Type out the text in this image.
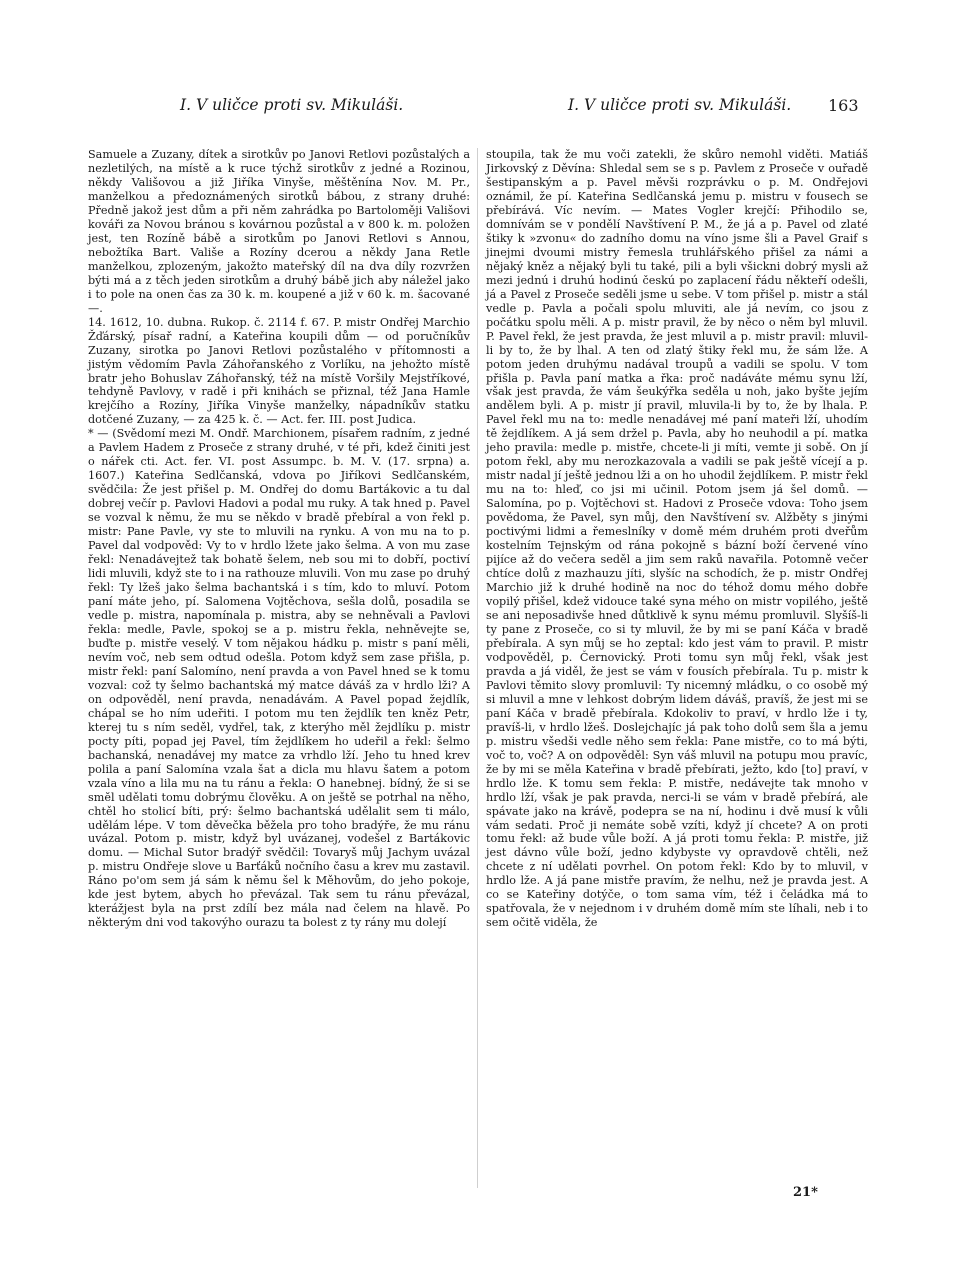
I. V uličce proti sv. Mikuláši.	I. V uličce proti sv. Mikuláši. 163

Samuele a Zuzany, dítek a sirotkův po Janovi Retlovi pozůstalých a nezletilých, na místě a k ruce týchž sirotkův z jedné a Rozinou, někdy Vališovou a již Jiříka Vinyše, měštěnína Nov. M. Pr., manželkou a předoznámených sirotků bábou, z strany druhé: Předně jakož jest dům a při něm zahrádka po Bartoloměji Vališovi kováři za Novou bránou s kovárnou pozůstal a v 800 k. m. položen jest, ten Rozíně bábě a sirotkům po Janovi Retlovi s Annou, nebožtíka Bart. Vališe a Rozíny dcerou a někdy Jana Retle manželkou, zplozeným, jakožto mateřský díl na dva díly rozvržen býti má a z těch jeden sirotkům a druhý bábě jich aby náležel jako i to pole na onen čas za 30 k. m. koupené a již v 60 k. m. šacované —.

14. 1612, 10. dubna. Rukop. č. 2114 f. 67. P. mistr Ondřej Marchio Žďárský, písař radní, a Kateřina koupili dům — od poručníkův Zuzany, sirotka po Janovi Retlovi pozůstalého v přítomnosti a jistým vědomím Pavla Záhořanského z Vorlíku, na jehožto místě bratr jeho Bohuslav Záhořanský, též na místě Voršily Mejstříkové, tehdyně Pavlovy, v radě i při knihách se přiznal, též Jana Hamle krejčího a Rozíny, Jiříka Vinyše manželky, nápadníkův statku dotčené Zuzany, — za 425 k. č. — Act. fer. III. post Judica.

* — (Svědomí mezi M. Ondř. Marchionem, písařem radním, z jedné a Pavlem Hadem z Proseče z strany druhé, v té při, kdež činiti jest o nářek cti. Act. fer. VI. post Assumpc. b. M. V. (17. srpna) a. 1607.) Kateřina Sedlčanská, vdova po Jiříkovi Sedlčanském, svědčila: Že jest přišel p. M. Ondřej do domu Bartákovic a tu dal dobrej večír p. Pavlovi Hadovi a podal mu ruky. A tak hned p. Pavel se vozval k němu, že mu se někdo v bradě přebíral a von řekl p. mistr: Pane Pavle, vy ste to mluvili na rynku. A von mu na to p. Pavel dal vodpověd: Vy to v hrdlo lžete jako šelma. A von mu zase řekl: Nenadávejtež tak bohatě šelem, neb sou mi to dobří, poctiví lidi mluvili, když ste to i na rathouze mluvili. Von mu zase po druhý řekl: Ty lžeš jako šelma bachantská i s tím, kdo to mluví. Potom paní máte jeho, pí. Salomena Vojtěchova, sešla dolů, posadila se vedle p. mistra, napomínala p. mistra, aby se nehněvali a Pavlovi řekla: medle, Pavle, spokoj se a p. mistru řekla, nehněvejte se, buďte p. mistře veselý. V tom nějakou hádku p. mistr s paní měli, nevím voč, neb sem odtud odešla. Potom když sem zase přišla, p. mistr řekl: paní Salomíno, není pravda a von Pavel hned se k tomu vozval: což ty šelmo bachantská mý matce dáváš za v hrdlo lži? A on odpověděl, není pravda, nenadávám. A Pavel popad žejdlík, chápal se ho ním udeřiti. I potom mu ten žejdlík ten kněz Petr, kterej tu s ním seděl, vydřel, tak, z kterýho měl žejdlíku p. mistr pocty píti, popad jej Pavel, tím žejdlíkem ho udeřil a řekl: šelmo bachanská, nenadávej my matce za vrhdlo lží. Jeho tu hned krev polila a paní Salomína vzala šat a dicla mu hlavu šatem a potom vzala víno a lila mu na tu ránu a řekla: O hanebnej. bídný, že si se smĕl udělati tomu dobrýmu člověku. A on ještě se potrhal na něho, chtěl ho stolicí bíti, prý: šelmo bachantská udělalit sem ti málo, udělám lépe. V tom děvečka běžela pro toho bradýře, že mu ránu uvázal. Potom p. mistr, když byl uvázanej, vodešel z Bartákovic domu. — Michal Sutor bradýř svědčil: Tovaryš můj Jachym uvázal p. mistru Ondřeje slove u Barťáků nočního času a krev mu zastavil. Ráno po'om sem já sám k němu šel k Měhovům, do jeho pokoje, kde jest bytem, abych ho převázal. Tak sem tu ránu převázal, kterážjest byla na prst zdílí bez mála nad čelem na hlavě. Po některým dni vod takovýho ourazu ta bolest z ty rány mu dolejí

stoupila, tak že mu voči zatekli, že skůro nemohl viděti. Matiáš Jirkovský z Děvína: Shledal sem se s p. Pavlem z Proseče v ouřadě šestipanským a p. Pavel měvši rozprávku o p. M. Ondřejovi oznámil, že pí. Kateřina Sedlčanská jemu p. mistru v fousech se přebírává. Víc nevím. — Mates Vogler krejčí: Přihodilo se, domnívám se v pondělí Navštívení P. M., že já a p. Pavel od zlaté štiky k »zvonu« do zadního domu na víno jsme šli a Pavel Graif s jinejmi dvoumi mistry řemesla truhlářského přišel za námi a nějaký kněz a nějaký byli tu také, pili a byli všickni dobrý mysli až mezi jednú i druhú hodinú českú po zaplacení řádu někteří odešli, já a Pavel z Proseče seděli jsme u sebe. V tom přišel p. mistr a stál vedle p. Pavla a počali spolu mluviti, ale já nevím, co jsou z počátku spolu měli. A p. mistr pravil, že by něco o něm byl mluvil. P. Pavel řekl, že jest pravda, že jest mluvil a p. mistr pravil: mluvil-li by to, že by lhal. A ten od zlatý štiky řekl mu, že sám lže. A potom jeden druhýmu nadával troupů a vadili se spolu. V tom přišla p. Pavla paní matka a řka: proč nadáváte mému synu lží, však jest pravda, že vám šeukýřka seděla u noh, jako byšte jejím andělem byli. A p. mistr jí pravil, mluvila-li by to, že by lhala. P. Pavel řekl mu na to: medle nenadávej mé paní mateři lží, uhodím tě žejdlíkem. A já sem držel p. Pavla, aby ho neuhodil a pí. matka jeho pravila: medle p. mistře, chcete-li ji míti, vemte ji sobě. On jí potom řekl, aby mu nerozkazovala a vadili se pak ještě vícejí a p. mistr nadal jí ještě jednou lži a on ho uhodil žejdlíkem. P. mistr řekl mu na to: hleď, co jsi mi učinil. Potom jsem já šel domů. — Salomína, po p. Vojtěchovi st. Hadovi z Proseče vdova: Toho jsem povědoma, že Pavel, syn můj, den Navštívení sv. Alžběty s jinými poctivými lidmi a řemeslníky v domě mém druhém proti dveřům kostelním Tejnským od rána pokojně s bázní boží červené víno pijíce až do večera seděl a jim sem raků navařila. Potomně večer chtíce dolů z mazhauzu jíti, slyšíc na schodích, že p. mistr Ondřej Marchio již k druhé hodině na noc do téhož domu mého dobře vopilý přišel, kdež vidouce také syna mého on mistr vopilého, ještě se ani neposadivše hned důtklivě k synu mému promluvil. Slyšíš-li ty pane z Proseče, co si ty mluvil, že by mi se paní Káča v bradě přebírala. A syn můj se ho zeptal: kdo jest vám to pravil. P. mistr vodpověděl, p. Černovický. Proti tomu syn můj řekl, však jest pravda a já viděl, že jest se vám v fousích přebírala. Tu p. mistr k Pavlovi těmito slovy promluvil: Ty nicemný mládku, o co osobě mý si mluvil a mne v lehkost dobrým lidem dáváš, pravíš, že jest mi se paní Káča v bradě přebírala. Kdokoliv to praví, v hrdlo lže i ty, pravíš-li, v hrdlo lžeš. Doslejchajíc já pak toho dolů sem šla a jemu p. mistru všedši vedle něho sem řekla: Pane mistře, co to má býti, voč to, voč? A on odpověděl: Syn váš mluvil na potupu mou pravíc, že by mi se měla Kateřina v bradě přebírati, ježto, kdo [to] praví, v hrdlo lže. K tomu sem řekla: P. mistře, nedávejte tak mnoho v hrdlo lží, však je pak pravda, nerci-li se vám v bradě přebírá, ale spávate jako na krávě, podepra se na ní, hodinu i dvě musí k vůli vám sedati. Proč ji nemáte sobě vzíti, když jí chcete? A on proti tomu řekl: až bude vůle boží. A já proti tomu řekla: P. mistře, již jest dávno vůle boží, jedno kdybyste vy opravdově chtěli, než chcete z ní udělati povrhel. On potom řekl: Kdo by to mluvil, v hrdlo lže. A já pane mistře pravím, že nelhu, než je pravda jest. A co se Kateřiny dotýče, o tom sama vím, též i čeládka má to spatřovala, že v nejednom i v druhém domě mím ste líhali, neb i to sem očitě viděla, že

21*
